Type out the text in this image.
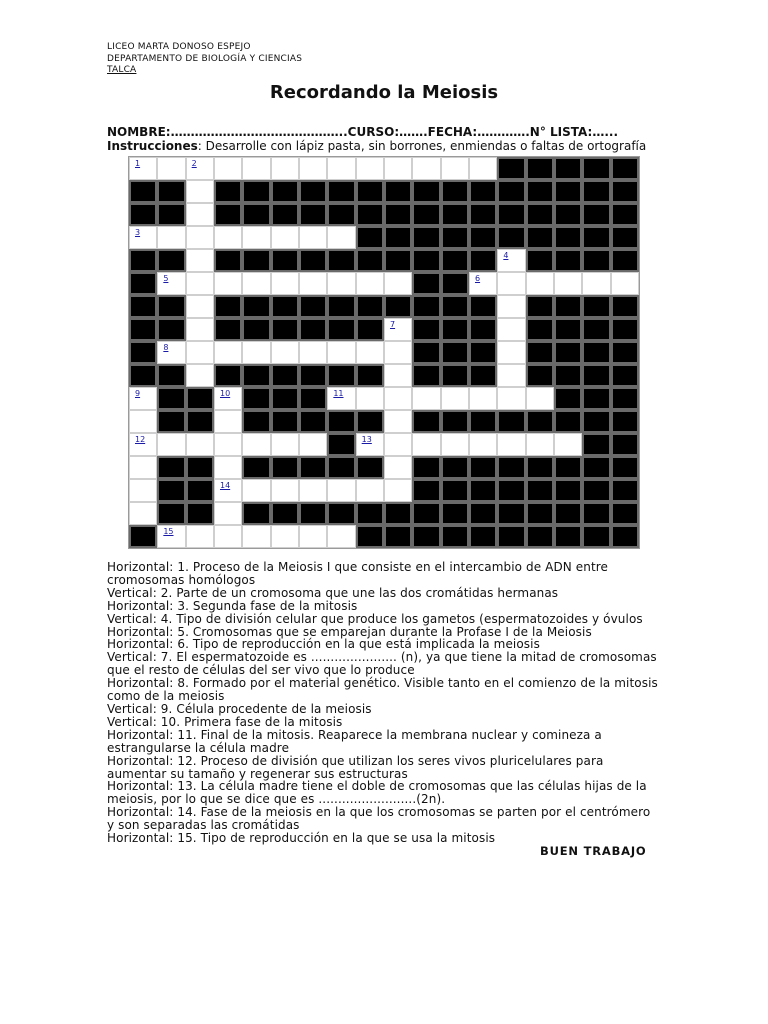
LICEO MARTA DONOSO ESPEJO
DEPARTAMENTO DE BIOLOGÍA Y CIENCIAS
TALCA
Recordando la Meiosis
NOMBRE:……………………………………..CURSO:…….FECHA:………….N° LISTA:…...
Instrucciones: Desarrolle con lápiz pasta, sin borrones, enmiendas o faltas de ortografía
1	2
3
4
5	6
7
8
9	10	11
12	13
14
15
Horizontal: 1. Proceso de la Meiosis I que consiste en el intercambio de ADN entre
cromosomas homólogos
Vertical: 2. Parte de un cromosoma que une las dos cromátidas hermanas
Horizontal: 3. Segunda fase de la mitosis
Vertical: 4. Tipo de división celular que produce los gametos (espermatozoides y óvulos
Horizontal: 5. Cromosomas que se emparejan durante la Profase I de la Meiosis
Horizontal: 6. Tipo de reproducción en la que está implicada la meiosis
Vertical: 7. El espermatozoide es ...................... (n), ya que tiene la mitad de cromosomas
que el resto de células del ser vivo que lo produce
Horizontal: 8. Formado por el material genético. Visible tanto en el comienzo de la mitosis
como de la meiosis
Vertical: 9. Célula procedente de la meiosis
Vertical: 10. Primera fase de la mitosis
Horizontal: 11. Final de la mitosis. Reaparece la membrana nuclear y comineza a
estrangularse la célula madre
Horizontal: 12. Proceso de división que utilizan los seres vivos pluricelulares para
aumentar su tamaño y regenerar sus estructuras
Horizontal: 13. La célula madre tiene el doble de cromosomas que las células hijas de la
meiosis, por lo que se dice que es .........................(2n).
Horizontal: 14. Fase de la meiosis en la que los cromosomas se parten por el centrómero
y son separadas las cromátidas
Horizontal: 15. Tipo de reproducción en la que se usa la mitosis
BUEN TRABAJO
